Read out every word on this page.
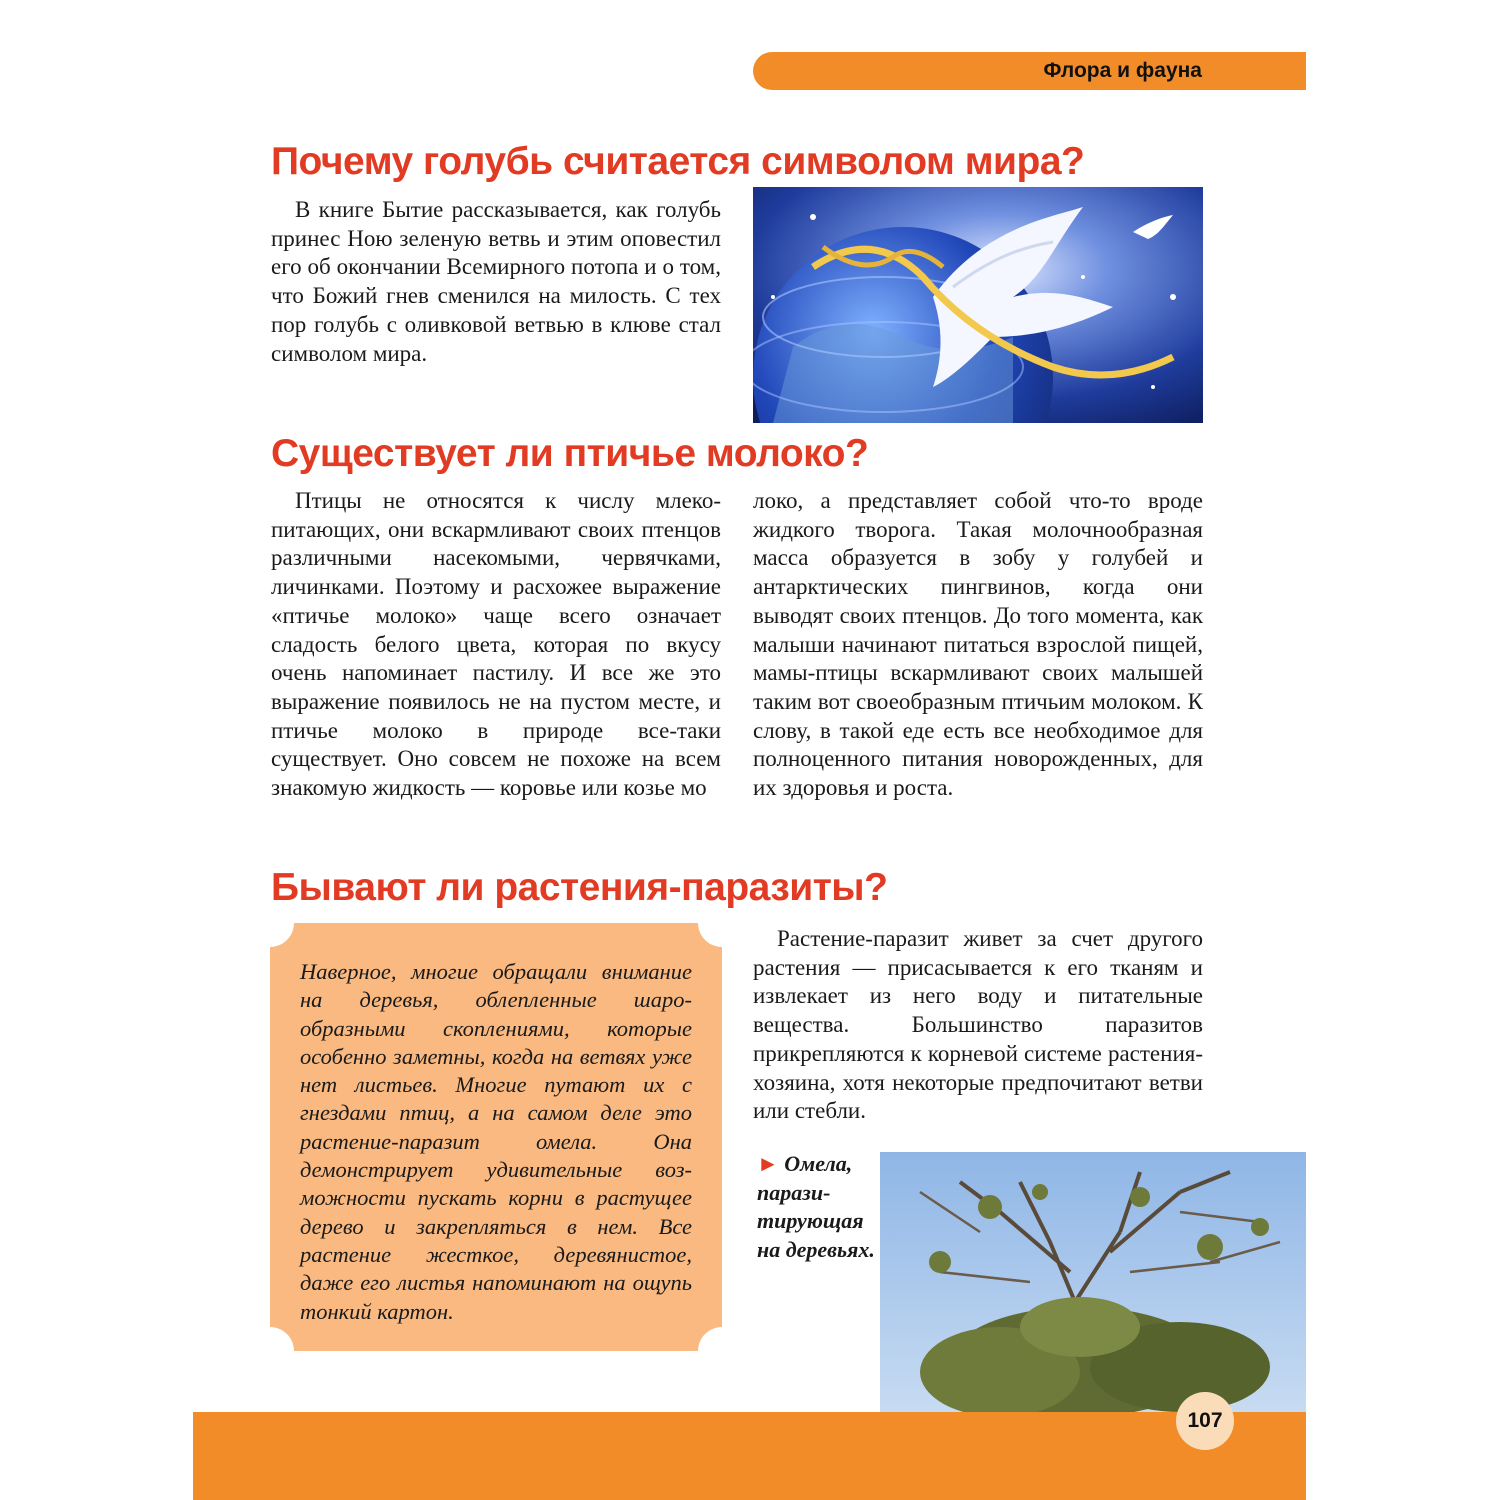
Флора и фауна
Почему голубь считается символом мира?

В книге Бытие рассказывается, как голубь принес Ною зеленую ветвь и этим оповестил его об окончании Всемирного потопа и о том, что Божий гнев сменился на милость. С тех пор голубь с оливковой ветвью в клюве стал символом мира.

Существует ли птичье молоко?

Птицы не относятся к числу млекопитающих, они вскармливают своих птенцов различными насекомыми, червячками, личинками. Поэтому и расхожее выражение «птичье молоко» чаще всего означает сладость белого цвета, которая по вкусу очень напоминает пастилу. И все же это выражение появилось не на пустом месте, и птичье молоко в природе все-таки существует. Оно совсем не похоже на всем знакомую жидкость — коровье или козье мо

локо, а представляет собой что-то вроде жидкого творога. Такая молочнообразная масса образуется в зобу у голубей и антарктических пингвинов, когда они выводят своих птенцов. До того момента, как малыши начинают питаться взрослой пищей, мамы-птицы вскармливают своих малышей таким вот своеобразным птичьим молоком. К слову, в такой еде есть все необходимое для полноценного питания новорожденных, для их здоровья и роста.

Бывают ли растения-паразиты?

Наверное, многие обращали внимание на деревья, облепленные шарообразными скоплениями, которые особенно заметны, когда на ветвях уже нет листьев. Многие путают их с гнездами птиц, а на самом деле это растение-паразит омела. Она демонстрирует удивительные возможности пускать корни в растущее дерево и закрепляться в нем. Все растение жесткое, деревянистое, даже его листья напоминают на ощупь тонкий картон.

Растение-паразит живет за счет другого растения — присасывается к его тканям и извлекает из него воду и питательные вещества. Большинство паразитов прикрепляются к корневой системе растения-хозяина, хотя некоторые предпочитают ветви или стебли.

► Омела, паразитирующая на деревьях.

107
